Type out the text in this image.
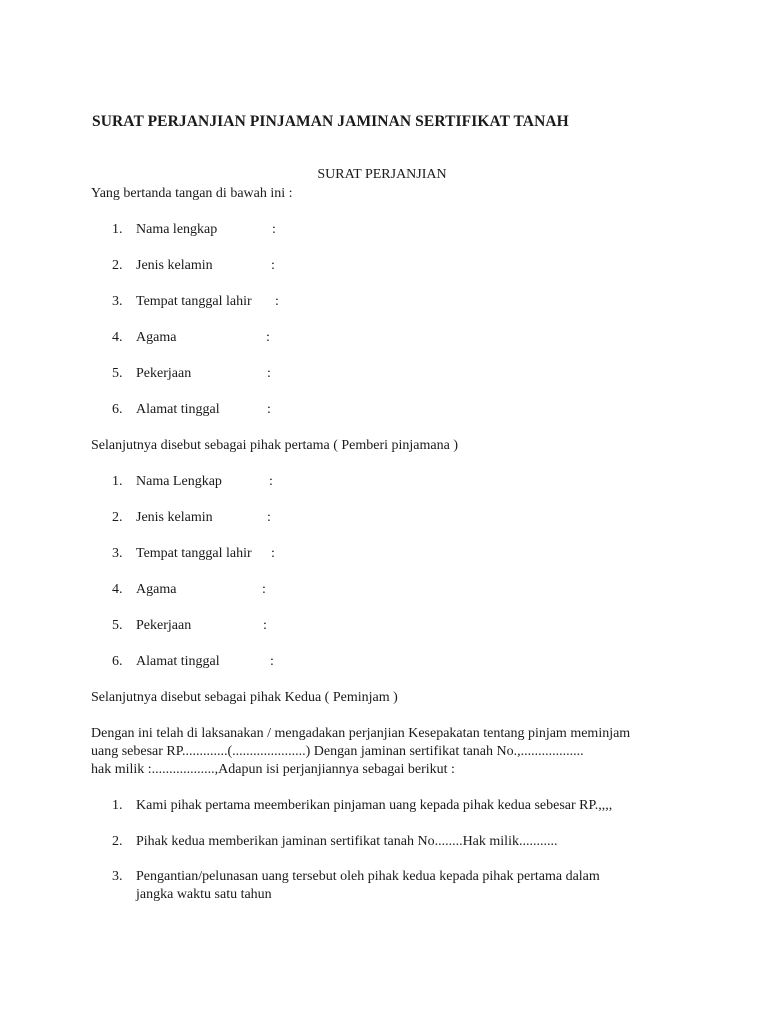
SURAT PERJANJIAN PINJAMAN JAMINAN SERTIFIKAT TANAH
SURAT PERJANJIAN
Yang bertanda tangan di bawah ini :
1. Nama lengkap	:
2. Jenis kelamin	:
3. Tempat tanggal lahir :
4. Agama	:
5. Pekerjaan	:
6. Alamat tinggal	:
Selanjutnya disebut sebagai pihak pertama ( Pemberi pinjamana )
1. Nama Lengkap	:
2. Jenis kelamin	:
3. Tempat tanggal lahir :
4. Agama	:
5. Pekerjaan	:
6. Alamat tinggal	:
Selanjutnya disebut sebagai pihak Kedua ( Peminjam )
Dengan ini telah di laksanakan / mengadakan perjanjian Kesepakatan tentang pinjam meminjam
uang sebesar RP.............(.....................) Dengan jaminan sertifikat tanah No.,..................
hak milik :..................,Adapun isi perjanjiannya sebagai berikut :
1. Kami pihak pertama meemberikan pinjaman uang kepada pihak kedua sebesar RP.,,,,
2. Pihak kedua memberikan jaminan sertifikat tanah No........Hak milik...........
3. Pengantian/pelunasan uang tersebut oleh pihak kedua kepada pihak pertama dalam
jangka waktu satu tahun
